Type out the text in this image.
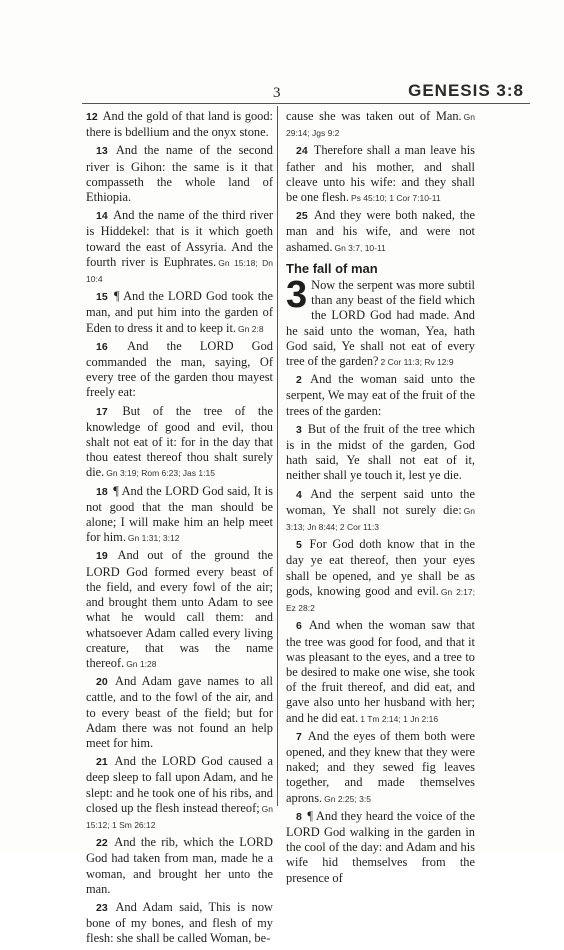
3	GENESIS 3:8

12 And the gold of that land is good: there is bdellium and the onyx stone.

13 And the name of the second river is Gihon: the same is it that compasseth the whole land of Ethiopia.

14 And the name of the third river is Hiddekel: that is it which goeth toward the east of Assyria. And the fourth river is Euphrates. Gn 15:18; Dn 10:4

15 ¶ And the LORD God took the man, and put him into the garden of Eden to dress it and to keep it. Gn 2:8

16 And the LORD God commanded the man, saying, Of every tree of the garden thou mayest freely eat:

17 But of the tree of the knowledge of good and evil, thou shalt not eat of it: for in the day that thou eatest thereof thou shalt surely die. Gn 3:19; Rom 6:23; Jas 1:15

18 ¶ And the LORD God said, It is not good that the man should be alone; I will make him an help meet for him. Gn 1:31; 3:12

19 And out of the ground the LORD God formed every beast of the field, and every fowl of the air; and brought them unto Adam to see what he would call them: and whatsoever Adam called every living creature, that was the name thereof. Gn 1:28

20 And Adam gave names to all cattle, and to the fowl of the air, and to every beast of the field; but for Adam there was not found an help meet for him.

21 And the LORD God caused a deep sleep to fall upon Adam, and he slept: and he took one of his ribs, and closed up the flesh instead thereof; Gn 15:12; 1 Sm 26:12

22 And the rib, which the LORD God had taken from man, made he a woman, and brought her unto the man.

23 And Adam said, This is now bone of my bones, and flesh of my flesh: she shall be called Woman, be-

cause she was taken out of Man. Gn 29:14; Jgs 9:2

24 Therefore shall a man leave his father and his mother, and shall cleave unto his wife: and they shall be one flesh. Ps 45:10; 1 Cor 7:10-11

25 And they were both naked, the man and his wife, and were not ashamed. Gn 3:7, 10-11

The fall of man

3 Now the serpent was more subtil than any beast of the field which the LORD God had made. And he said unto the woman, Yea, hath God said, Ye shall not eat of every tree of the garden? 2 Cor 11:3; Rv 12:9

2 And the woman said unto the serpent, We may eat of the fruit of the trees of the garden:

3 But of the fruit of the tree which is in the midst of the garden, God hath said, Ye shall not eat of it, neither shall ye touch it, lest ye die.

4 And the serpent said unto the woman, Ye shall not surely die: Gn 3:13; Jn 8:44; 2 Cor 11:3

5 For God doth know that in the day ye eat thereof, then your eyes shall be opened, and ye shall be as gods, knowing good and evil. Gn 2:17; Ez 28:2

6 And when the woman saw that the tree was good for food, and that it was pleasant to the eyes, and a tree to be desired to make one wise, she took of the fruit thereof, and did eat, and gave also unto her husband with her; and he did eat. 1 Tm 2:14; 1 Jn 2:16

7 And the eyes of them both were opened, and they knew that they were naked; and they sewed fig leaves together, and made themselves aprons. Gn 2:25; 3:5

8 ¶ And they heard the voice of the LORD God walking in the garden in the cool of the day: and Adam and his wife hid themselves from the presence of
